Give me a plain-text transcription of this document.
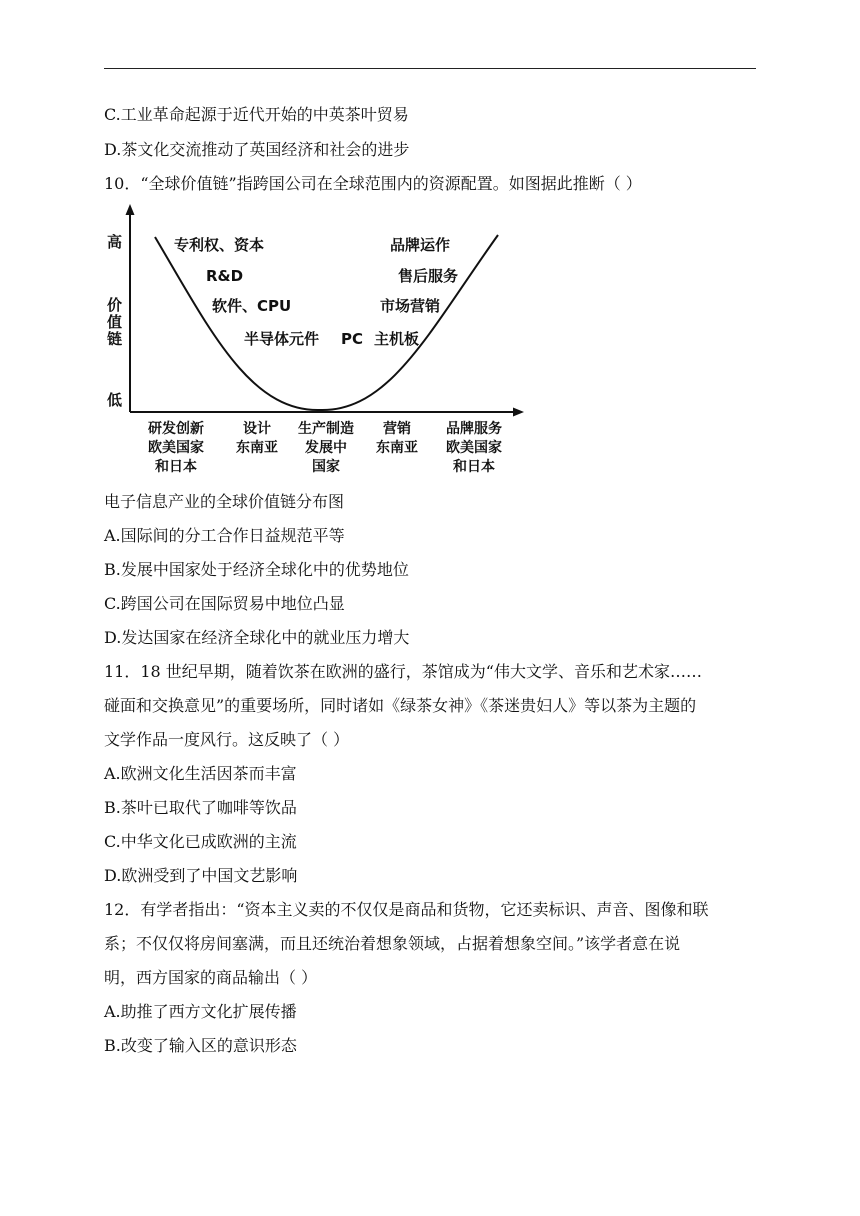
C.工业革命起源于近代开始的中英茶叶贸易
D.茶文化交流推动了英国经济和社会的进步
10．“全球价值链”指跨国公司在全球范围内的资源配置。如图据此推断（ ）
电子信息产业的全球价值链分布图
A.国际间的分工合作日益规范平等
B.发展中国家处于经济全球化中的优势地位
C.跨国公司在国际贸易中地位凸显
D.发达国家在经济全球化中的就业压力增大
11．18 世纪早期，随着饮茶在欧洲的盛行，茶馆成为“伟大文学、音乐和艺术家……
碰面和交换意见”的重要场所，同时诸如《绿茶女神》《茶迷贵妇人》等以茶为主题的
文学作品一度风行。这反映了（ ）
A.欧洲文化生活因茶而丰富
B.茶叶已取代了咖啡等饮品
C.中华文化已成欧洲的主流
D.欧洲受到了中国文艺影响
12．有学者指出：“资本主义卖的不仅仅是商品和货物，它还卖标识、声音、图像和联
系；不仅仅将房间塞满，而且还统治着想象领域，占据着想象空间。”该学者意在说
明，西方国家的商品输出（ ）
A.助推了西方文化扩展传播
B.改变了输入区的意识形态
高
价
值
链
低
专利权、资本
R&D
软件、CPU
半导体元件 PC
品牌运作
售后服务
市场营销
主机板
研发创新
欧美国家
和日本
设计
东南亚
生产制造
发展中
国家
营销
东南亚
品牌服务
欧美国家
和日本
